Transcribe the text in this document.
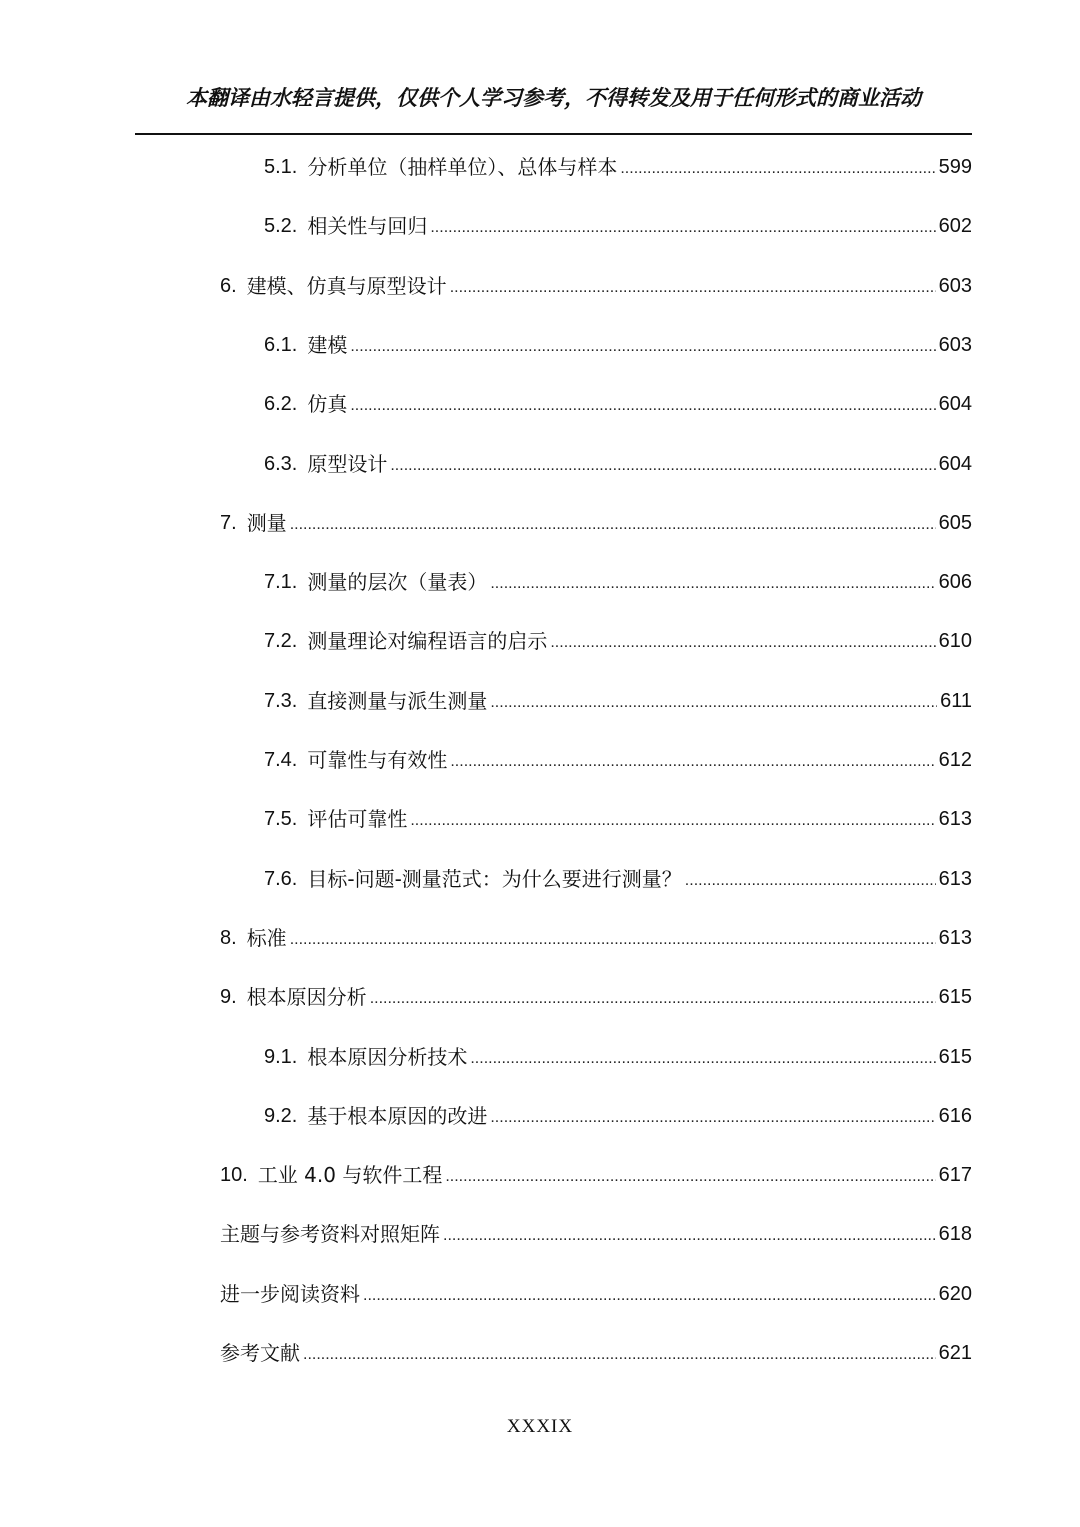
本翻译由水轻言提供，仅供个人学习参考，不得转发及用于任何形式的商业活动
5.1. 分析单位（抽样单位）、总体与样本 .....	599
5.2. 相关性与回归 .....	602
6. 建模、仿真与原型设计 .....	603
6.1. 建模 .....	603
6.2. 仿真 .....	604
6.3. 原型设计 .....	604
7. 测量 .....	605
7.1. 测量的层次（量表） .....	606
7.2. 测量理论对编程语言的启示 .....	610
7.3. 直接测量与派生测量 .....	611
7.4. 可靠性与有效性 .....	612
7.5. 评估可靠性 .....	613
7.6. 目标-问题-测量范式：为什么要进行测量？ .....	613
8. 标准 .....	613
9. 根本原因分析 .....	615
9.1. 根本原因分析技术 .....	615
9.2. 基于根本原因的改进 .....	616
10. 工业 4.0 与软件工程 .....	617
主题与参考资料对照矩阵 .....	618
进一步阅读资料 .....	620
参考文献 .....	621
XXXIX
